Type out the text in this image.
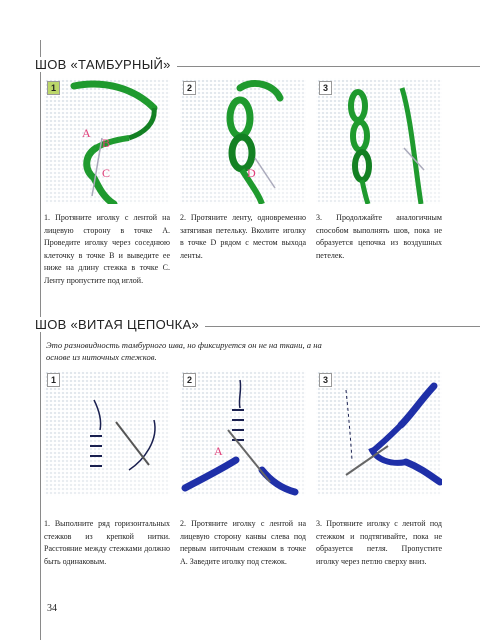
ШОВ «ТАМБУРНЫЙ»
1
A
B
C
2
D
3
1. Протяните иголку с лентой на лицевую сторону в точке А. Проведите иголку через соседнюю клеточку в точке В и выведите ее ниже на длину стежка в точке С. Ленту пропустите под иглой.
2. Протяните ленту, одновременно затягивая петельку. Вколите иголку в точке D рядом с местом выхода ленты.
3. Продолжайте аналогичным способом выполнять шов, пока не образуется цепочка из воздушных петелек.
ШОВ «ВИТАЯ ЦЕПОЧКА»
Это разновидность тамбурного шва, но фиксируется он не на ткани, а на основе из ниточных стежков.
1	2
A
3
1. Выполните ряд горизонтальных стежков из крепкой нитки. Расстояние между стежками должно быть одинаковым.
2. Протяните иголку с лентой на лицевую сторону канвы слева под первым ниточным стежком в точке А. Заведите иголку под стежок.
3. Протяните иголку с лентой под стежком и подтягивайте, пока не образуется петля. Пропустите иголку через петлю сверху вниз.
34
